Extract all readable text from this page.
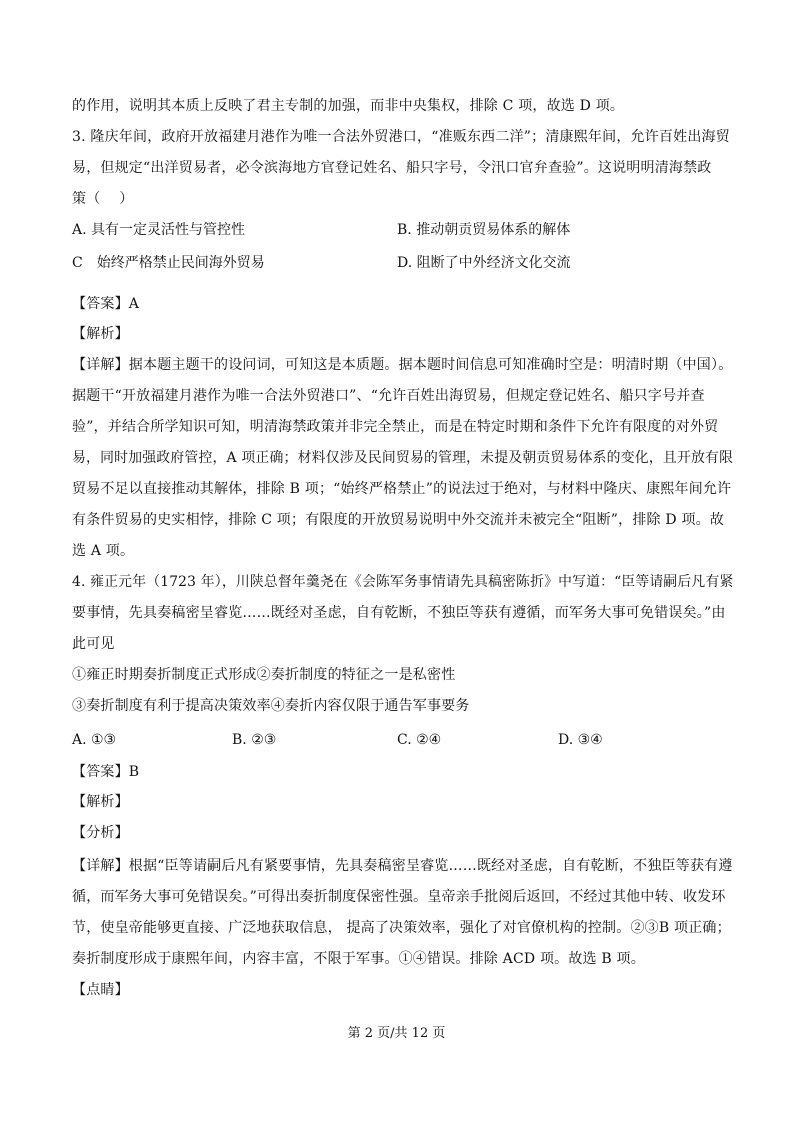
的作用，说明其本质上反映了君主专制的加强，而非中央集权，排除 C 项，故选 D 项。
3. 隆庆年间，政府开放福建月港作为唯一合法外贸港口，“准贩东西二洋”；清康熙年间，允许百姓出海贸
易，但规定“出洋贸易者，必令滨海地方官登记姓名、船只字号，令汛口官弁查验”。这说明明清海禁政
策（　 ）
A. 具有一定灵活性与管控性	B. 推动朝贡贸易体系的解体
C　始终严格禁止民间海外贸易	D. 阻断了中外经济文化交流
【答案】A
【解析】
【详解】据本题主题干的设问词，可知这是本质题。据本题时间信息可知准确时空是：明清时期（中国）。
据题干“开放福建月港作为唯一合法外贸港口”、“允许百姓出海贸易，但规定登记姓名、船只字号并查
验”，并结合所学知识可知，明清海禁政策并非完全禁止，而是在特定时期和条件下允许有限度的对外贸
易，同时加强政府管控，A 项正确；材料仅涉及民间贸易的管理，未提及朝贡贸易体系的变化，且开放有限
贸易不足以直接推动其解体，排除 B 项；“始终严格禁止”的说法过于绝对，与材料中隆庆、康熙年间允许
有条件贸易的史实相悖，排除 C 项；有限度的开放贸易说明中外交流并未被完全“阻断”，排除 D 项。故
选 A 项。
4. 雍正元年（1723 年），川陕总督年羹尧在《会陈军务事情请先具稿密陈折》中写道：“臣等请嗣后凡有紧
要事情，先具奏稿密呈睿览……既经对圣虑，自有乾断，不独臣等获有遵循，而军务大事可免错误矣。”由
此可见
①雍正时期奏折制度正式形成②奏折制度的特征之一是私密性
③奏折制度有利于提高决策效率④奏折内容仅限于通告军事要务
A. ①③	B. ②③	C. ②④	D. ③④
【答案】B
【解析】
【分析】
【详解】根据“臣等请嗣后凡有紧要事情，先具奏稿密呈睿览……既经对圣虑，自有乾断，不独臣等获有遵
循，而军务大事可免错误矣。”可得出奏折制度保密性强。皇帝亲手批阅后返回，不经过其他中转、收发环
节，使皇帝能够更直接、广泛地获取信息， 提高了决策效率，强化了对官僚机构的控制。②③B 项正确；
奏折制度形成于康熙年间，内容丰富，不限于军事。①④错误。排除 ACD 项。故选 B 项。
【点睛】
第 2 页/共 12 页
